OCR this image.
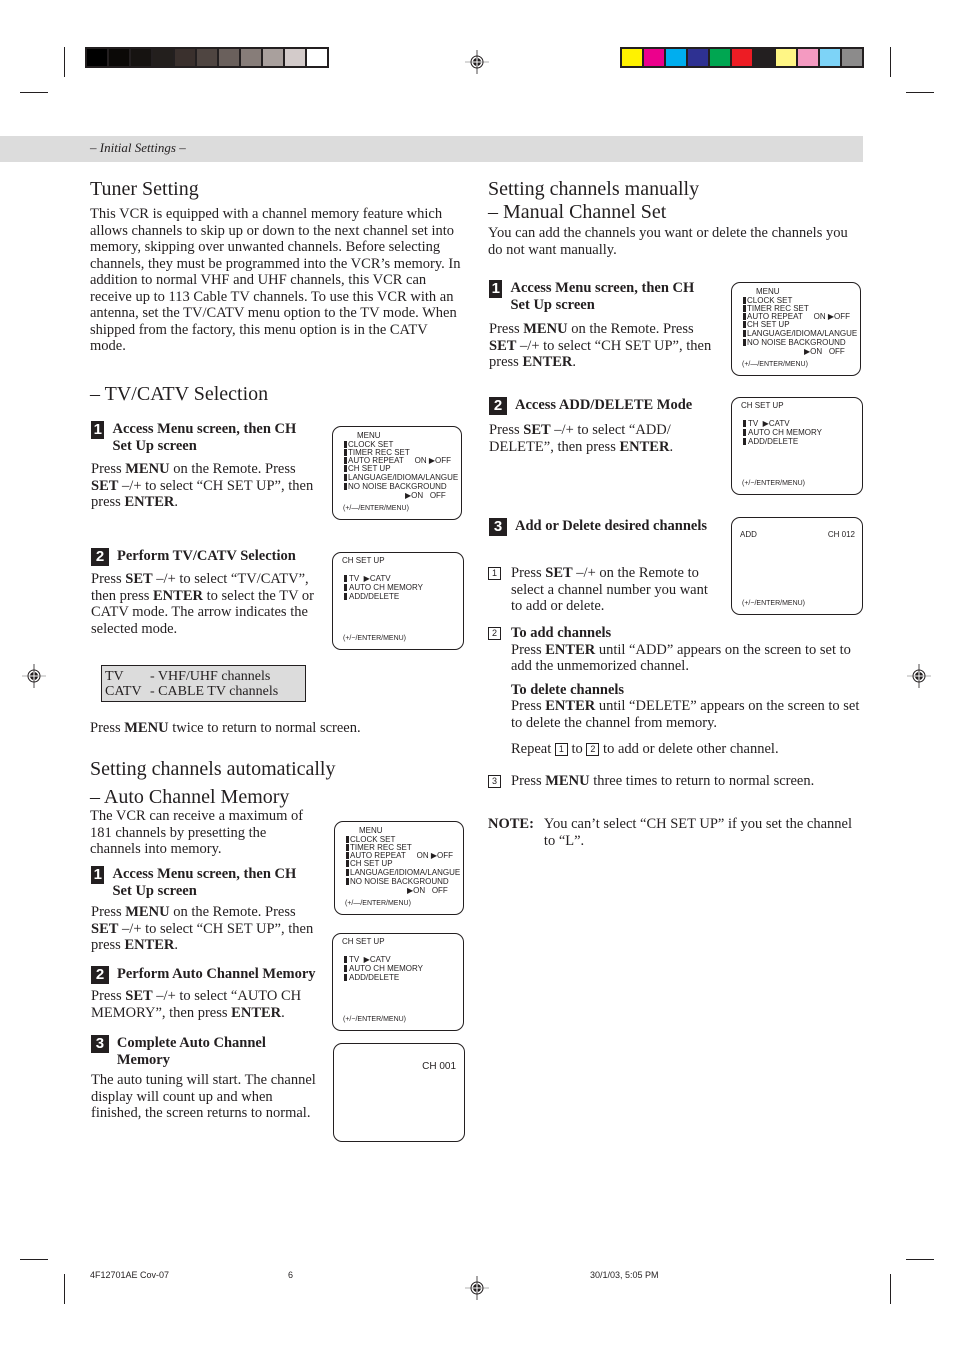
– Initial Settings –
Tuner Setting
This VCR is equipped with a channel memory feature which allows channels to skip up or down to the next channel set into memory, skipping over unwanted channels. Before selecting channels, they must be programmed into the VCR’s memory. In addition to normal VHF and UHF channels, this VCR can receive up to 113 Cable TV channels. To use this VCR with an antenna, set the TV/CATV menu option to the TV mode. When shipped from the factory, this menu option is in the CATV mode.
– TV/CATV Selection
1 Access Menu screen, then CH Set Up screen
Press MENU on the Remote. Press SET –/+ to select “CH SET UP”, then press ENTER.
2 Perform TV/CATV Selection
Press SET –/+ to select “TV/CATV”, then press ENTER to select the TV or CATV mode. The arrow indicates the selected mode.
TV	- VHF/UHF channels
CATV - CABLE TV channels
Press MENU twice to return to normal screen.
Setting channels automatically
– Auto Channel Memory
The VCR can receive a maximum of 181 channels by presetting the channels into memory.
1 Access Menu screen, then CH Set Up screen
Press MENU on the Remote. Press SET –/+ to select “CH SET UP”, then press ENTER.
2 Perform Auto Channel Memory
Press SET –/+ to select “AUTO CH MEMORY”, then press ENTER.
3 Complete Auto Channel Memory
The auto tuning will start. The channel display will count up and when finished, the screen returns to normal.
MENU
CLOCK SET
TIMER REC SET
AUTO REPEAT     ON ▶OFF
CH SET UP
LANGUAGE/IDIOMA/LANGUE
NO NOISE BACKGROUND
▶ON   OFF
(+/—/ENTER/MENU)
CH SET UP
TV  ▶CATV
AUTO CH MEMORY
ADD/DELETE
(+/−/ENTER/MENU)
MENU
CLOCK SET
TIMER REC SET
AUTO REPEAT     ON ▶OFF
CH SET UP
LANGUAGE/IDIOMA/LANGUE
NO NOISE BACKGROUND
▶ON   OFF
(+/—/ENTER/MENU)
CH SET UP
TV  ▶CATV
AUTO CH MEMORY
ADD/DELETE
(+/−/ENTER/MENU)
CH 001
Setting channels manually
– Manual Channel Set
You can add the channels you want or delete the channels you do not want manually.
1 Access Menu screen, then CH Set Up screen
Press MENU on the Remote. Press SET –/+ to select “CH SET UP”, then press ENTER.
2 Access ADD/DELETE Mode
Press SET –/+ to select “ADD/ DELETE”, then press ENTER.
3 Add or Delete desired channels
1 Press SET –/+ on the Remote to select a channel number you want to add or delete.
2 To add channels
Press ENTER until “ADD” appears on the screen to set to add the unmemorized channel.
To delete channels
Press ENTER until “DELETE” appears on the screen to set to delete the channel from memory.
Repeat 1 to 2 to add or delete other channel.
3 Press MENU three times to return to normal screen.
NOTE: You can’t select “CH SET UP” if you set the channel to “L”.
MENU
CLOCK SET
TIMER REC SET
AUTO REPEAT     ON ▶OFF
CH SET UP
LANGUAGE/IDIOMA/LANGUE
NO NOISE BACKGROUND
▶ON   OFF
(+/—/ENTER/MENU)
CH SET UP
TV  ▶CATV
AUTO CH MEMORY
ADD/DELETE
(+/−/ENTER/MENU)
ADD	CH 012
(+/−/ENTER/MENU)
4F12701AE Cov-07	6	30/1/03, 5:05 PM
